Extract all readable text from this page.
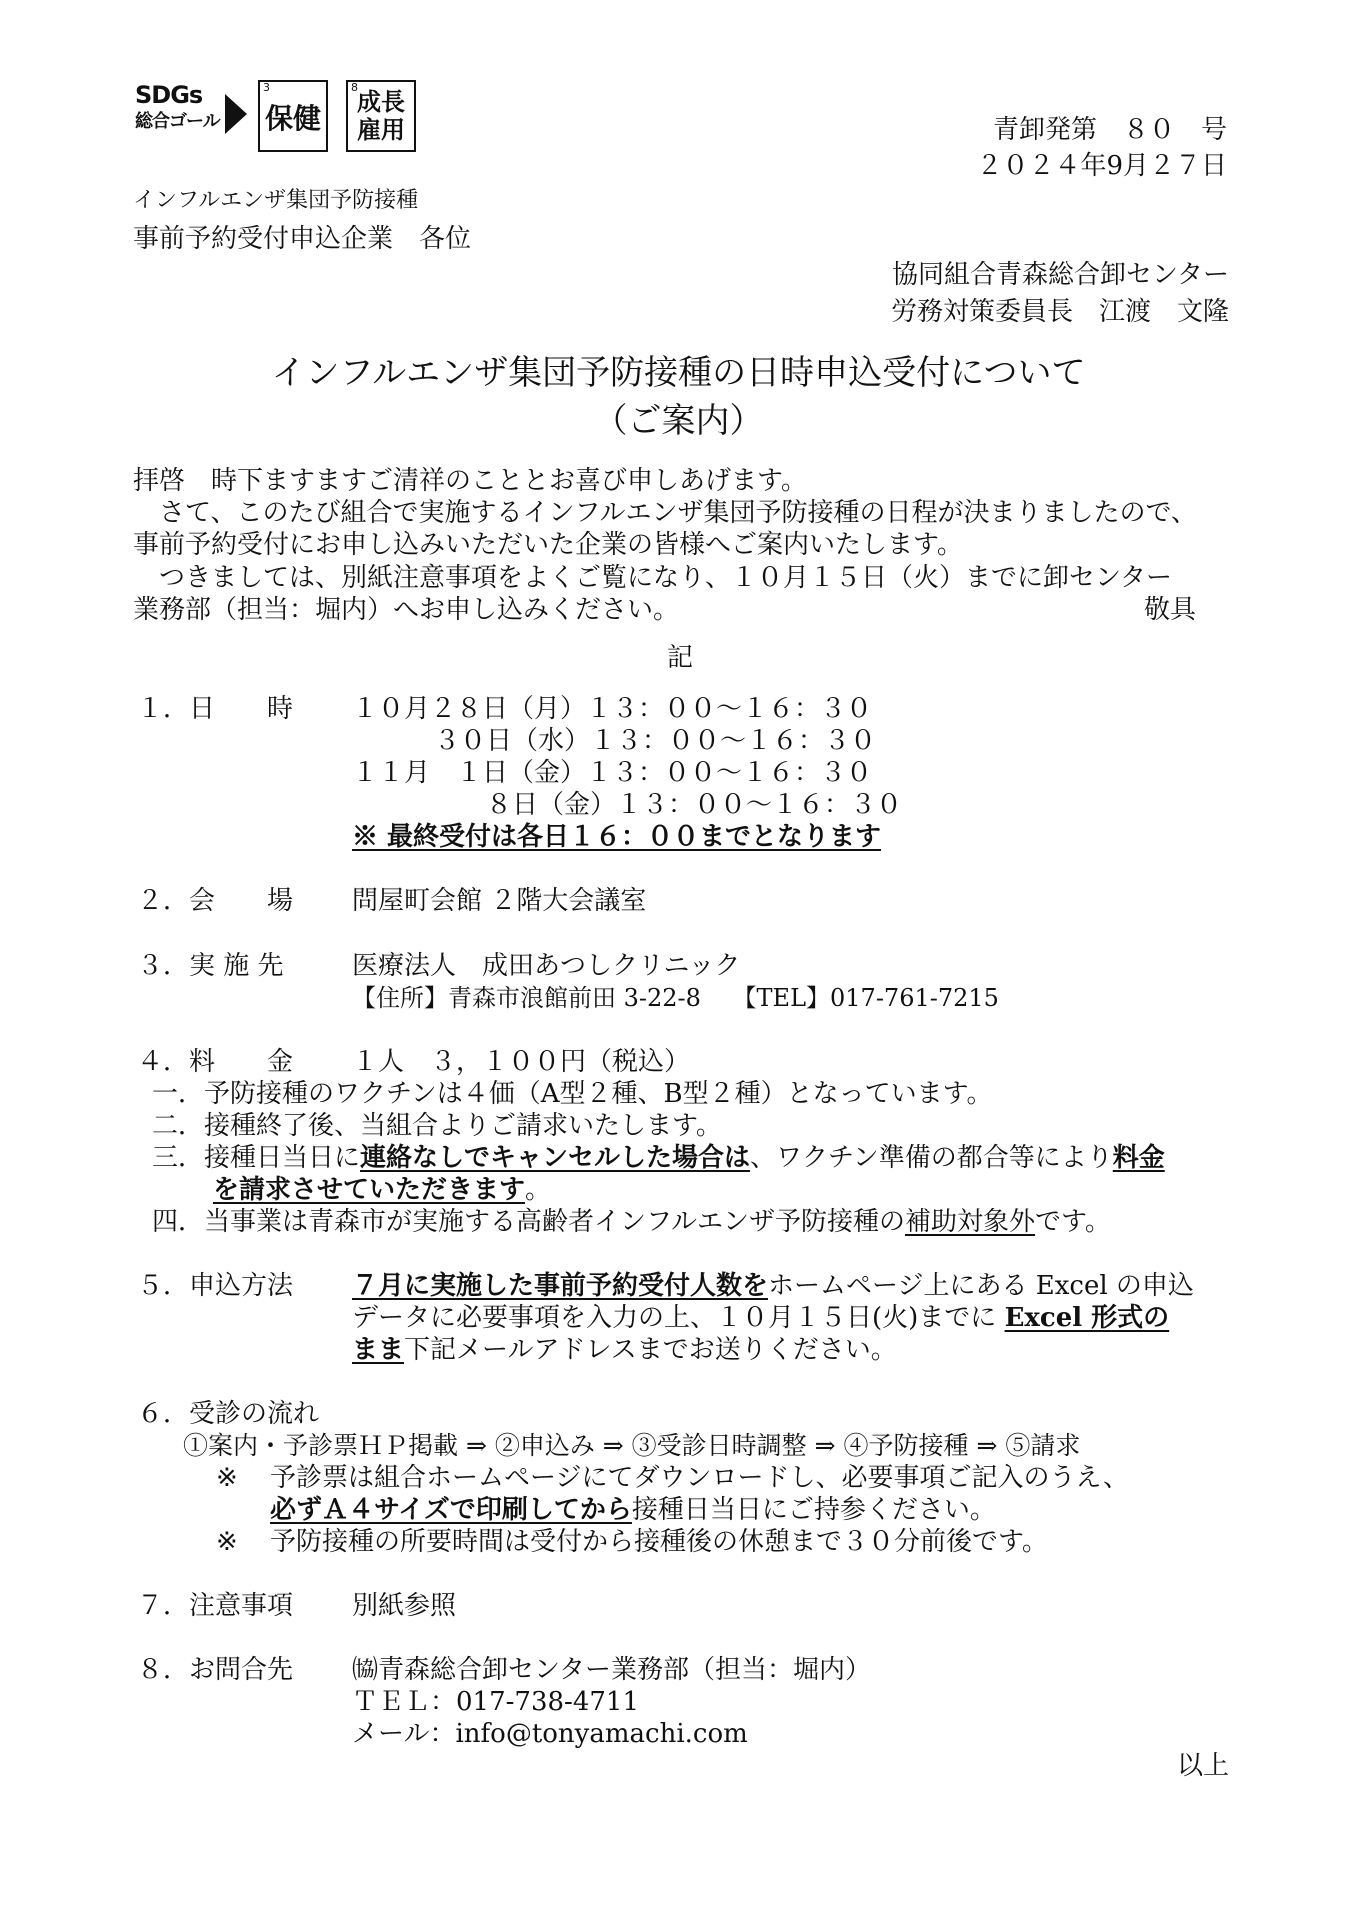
SDGs
総合ゴール
3
保健
8
成長
雇用	青卸発第　８０　号
２０２４年9月２７日
インフルエンザ集団予防接種
事前予約受付申込企業　各位
協同組合青森総合卸センター
労務対策委員長　江渡　文隆
インフルエンザ集団予防接種の日時申込受付について
（ご案内）
拝啓　時下ますますご清祥のこととお喜び申しあげます。
さて、このたび組合で実施するインフルエンザ集団予防接種の日程が決まりましたので、
事前予約受付にお申し込みいただいた企業の皆様へご案内いたします。
つきましては、別紙注意事項をよくご覧になり、１０月１５日（火）までに卸センター
業務部（担当：堀内）へお申し込みください。	敬具
記
１．日　　時 １０月２８日（月）１３：００～１６：３０
３０日（水）１３：００～１６：３０
１１月　１日（金）１３：００～１６：３０
８日（金）１３：００～１６：３０
※ 最終受付は各日１６：００までとなります
２．会　　場 問屋町会館 ２階大会議室
３．実 施 先	医療法人　成田あつしクリニック
【住所】青森市浪館前田 3-22-8　 【TEL】017-761-7215
４．料　　金 １人　３，１００円（税込）
一．予防接種のワクチンは４価（A型２種、B型２種）となっています。
二．接種終了後、当組合よりご請求いたします。
三．接種日当日に連絡なしでキャンセルした場合は、ワクチン準備の都合等により料金
を請求させていただきます。
四．当事業は青森市が実施する高齢者インフルエンザ予防接種の補助対象外です。
５．申込方法 ７月に実施した事前予約受付人数をホームページ上にある Excel の申込
データに必要事項を入力の上、１０月１５日(火)までに Excel 形式の
まま下記メールアドレスまでお送りください。
６．受診の流れ
①案内・予診票ＨＰ掲載 ⇒ ②申込み ⇒ ③受診日時調整 ⇒ ④予防接種 ⇒ ⑤請求
※ 予診票は組合ホームページにてダウンロードし、必要事項ご記入のうえ、
必ずＡ４サイズで印刷してから接種日当日にご持参ください。
※ 予防接種の所要時間は受付から接種後の休憩まで３０分前後です。
７．注意事項 別紙参照
８．お問合先 ㈿青森総合卸センター業務部（担当：堀内）
ＴＥＬ：017-738-4711
メール：info@tonyamachi.com
以上
